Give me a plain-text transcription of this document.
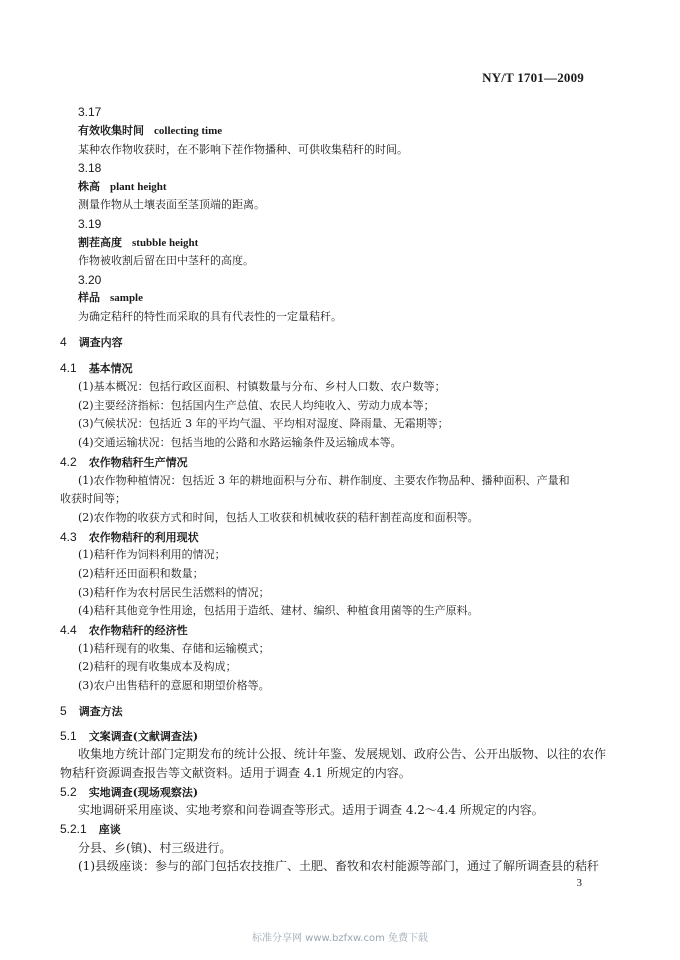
NY/T 1701—2009
3.17
有效收集时间 collecting time
某种农作物收获时，在不影响下茬作物播种、可供收集秸秆的时间。
3.18
株高 plant height
测量作物从土壤表面至茎顶端的距离。
3.19
割茬高度 stubble height
作物被收割后留在田中茎秆的高度。
3.20
样品 sample
为确定秸秆的特性而采取的具有代表性的一定量秸秆。
4 调查内容
4.1 基本情况
(1)基本概况：包括行政区面积、村镇数量与分布、乡村人口数、农户数等；
(2)主要经济指标：包括国内生产总值、农民人均纯收入、劳动力成本等；
(3)气候状况：包括近 3 年的平均气温、平均相对湿度、降雨量、无霜期等；
(4)交通运输状况：包括当地的公路和水路运输条件及运输成本等。
4.2 农作物秸秆生产情况
(1)农作物种植情况：包括近 3 年的耕地面积与分布、耕作制度、主要农作物品种、播种面积、产量和
收获时间等；
(2)农作物的收获方式和时间，包括人工收获和机械收获的秸秆割茬高度和面积等。
4.3 农作物秸秆的利用现状
(1)秸秆作为饲料利用的情况；
(2)秸秆还田面积和数量；
(3)秸秆作为农村居民生活燃料的情况；
(4)秸秆其他竞争性用途，包括用于造纸、建材、编织、种植食用菌等的生产原料。
4.4 农作物秸秆的经济性
(1)秸秆现有的收集、存储和运输模式；
(2)秸秆的现有收集成本及构成；
(3)农户出售秸秆的意愿和期望价格等。
5 调查方法
5.1 文案调查(文献调查法)
收集地方统计部门定期发布的统计公报、统计年鉴、发展规划、政府公告、公开出版物、以往的农作
物秸秆资源调查报告等文献资料。适用于调查 4.1 所规定的内容。
5.2 实地调查(现场观察法)
实地调研采用座谈、实地考察和问卷调查等形式。适用于调查 4.2～4.4 所规定的内容。
5.2.1 座谈
分县、乡(镇)、村三级进行。
(1)县级座谈：参与的部门包括农技推广、土肥、畜牧和农村能源等部门，通过了解所调查县的秸秆
3
标准分享网 www.bzfxw.com 免费下载
